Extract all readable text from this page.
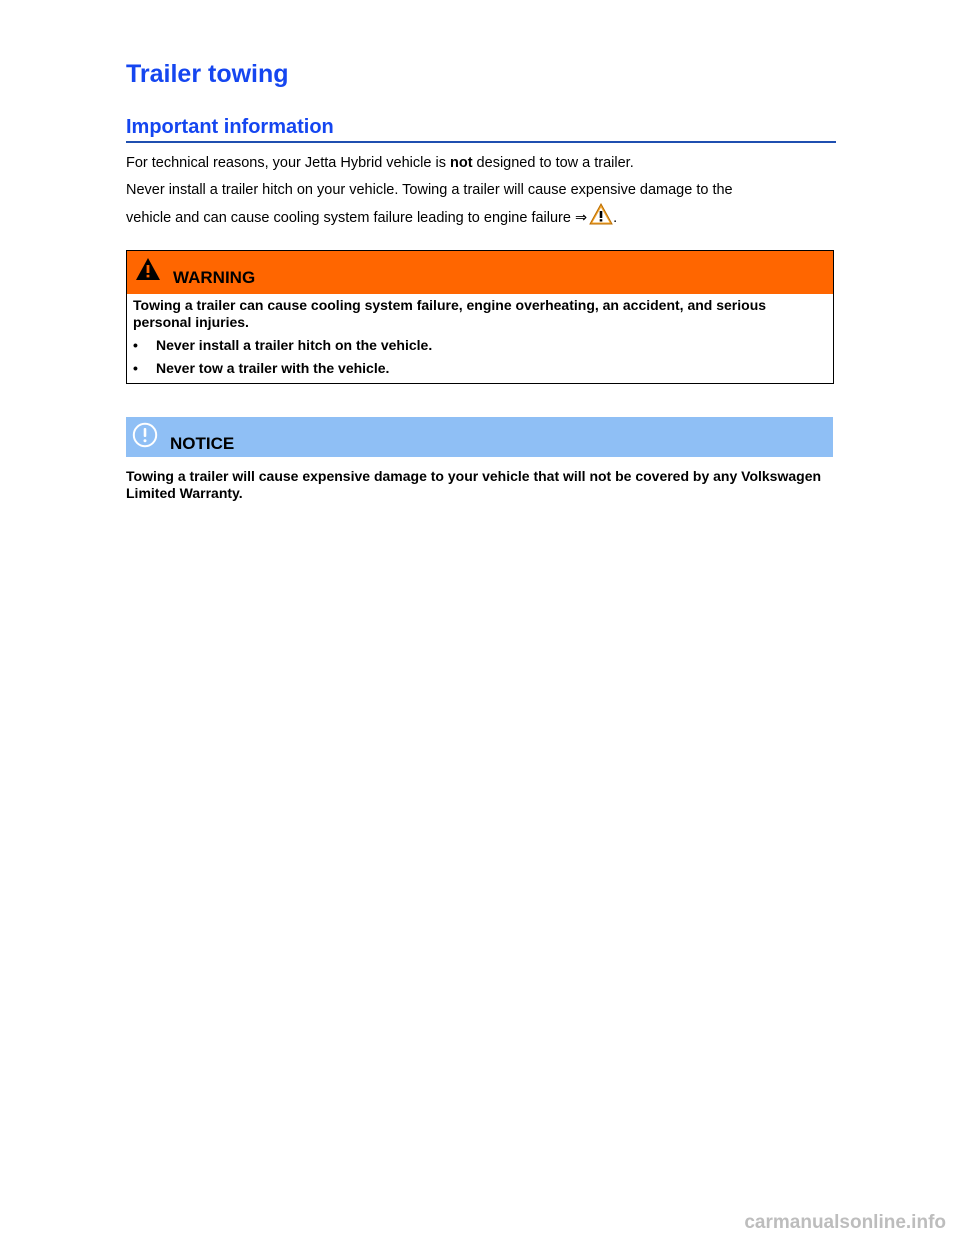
Trailer towing
Important information

For technical reasons, your Jetta Hybrid vehicle is not designed to tow a trailer.

Never install a trailer hitch on your vehicle. Towing a trailer will cause expensive damage to the

vehicle and can cause cooling system failure leading to engine failure ⇒ .

WARNING

Towing a trailer can cause cooling system failure, engine overheating, an accident, and serious personal injuries.

• Never install a trailer hitch on the vehicle.

• Never tow a trailer with the vehicle.

NOTICE

Towing a trailer will cause expensive damage to your vehicle that will not be covered by any Volkswagen Limited Warranty.

carmanualsonline.info
